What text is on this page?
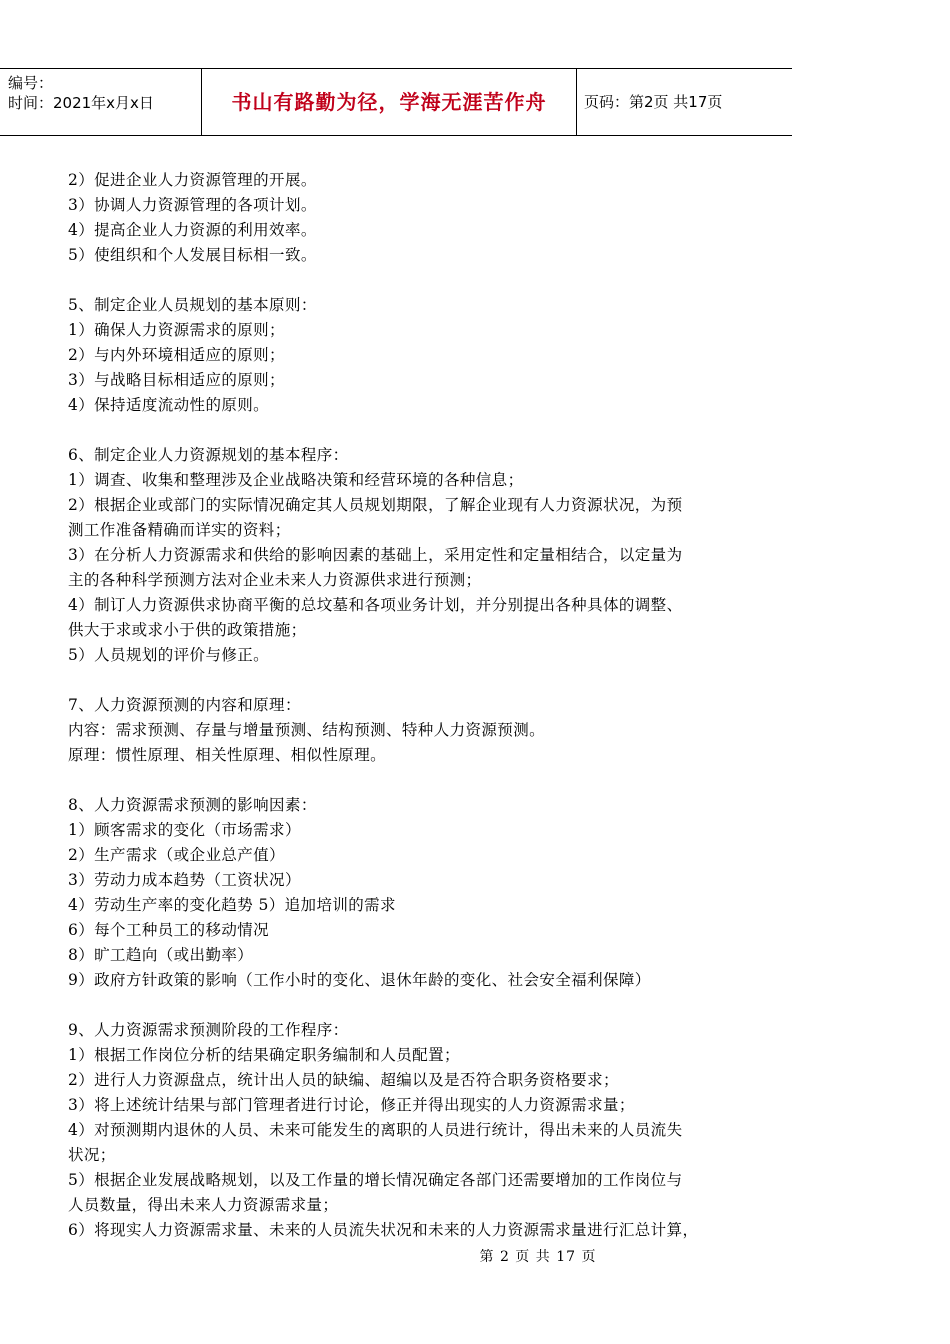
编号：
时间：2021年x月x日	书山有路勤为径，学海无涯苦作舟	页码：第2页 共17页
2）促进企业人力资源管理的开展。
3）协调人力资源管理的各项计划。
4）提高企业人力资源的利用效率。
5）使组织和个人发展目标相一致。
5、制定企业人员规划的基本原则：
1）确保人力资源需求的原则；
2）与内外环境相适应的原则；
3）与战略目标相适应的原则；
4）保持适度流动性的原则。
6、制定企业人力资源规划的基本程序：
1）调查、收集和整理涉及企业战略决策和经营环境的各种信息；
2）根据企业或部门的实际情况确定其人员规划期限，了解企业现有人力资源状况，为预
测工作准备精确而详实的资料；
3）在分析人力资源需求和供给的影响因素的基础上，采用定性和定量相结合，以定量为
主的各种科学预测方法对企业未来人力资源供求进行预测；
4）制订人力资源供求协商平衡的总坟墓和各项业务计划，并分别提出各种具体的调整、
供大于求或求小于供的政策措施；
5）人员规划的评价与修正。
7、人力资源预测的内容和原理：
内容：需求预测、存量与增量预测、结构预测、特种人力资源预测。
原理：惯性原理、相关性原理、相似性原理。
8、人力资源需求预测的影响因素：
1）顾客需求的变化（市场需求）
2）生产需求（或企业总产值）
3）劳动力成本趋势（工资状况）
4）劳动生产率的变化趋势 5）追加培训的需求
6）每个工种员工的移动情况
8）旷工趋向（或出勤率）
9）政府方针政策的影响（工作小时的变化、退休年龄的变化、社会安全福利保障）
9、人力资源需求预测阶段的工作程序：
1）根据工作岗位分析的结果确定职务编制和人员配置；
2）进行人力资源盘点，统计出人员的缺编、超编以及是否符合职务资格要求；
3）将上述统计结果与部门管理者进行讨论，修正并得出现实的人力资源需求量；
4）对预测期内退休的人员、未来可能发生的离职的人员进行统计，得出未来的人员流失
状况；
5）根据企业发展战略规划，以及工作量的增长情况确定各部门还需要增加的工作岗位与
人员数量，得出未来人力资源需求量；
6）将现实人力资源需求量、未来的人员流失状况和未来的人力资源需求量进行汇总计算，
第 2 页 共 17 页
